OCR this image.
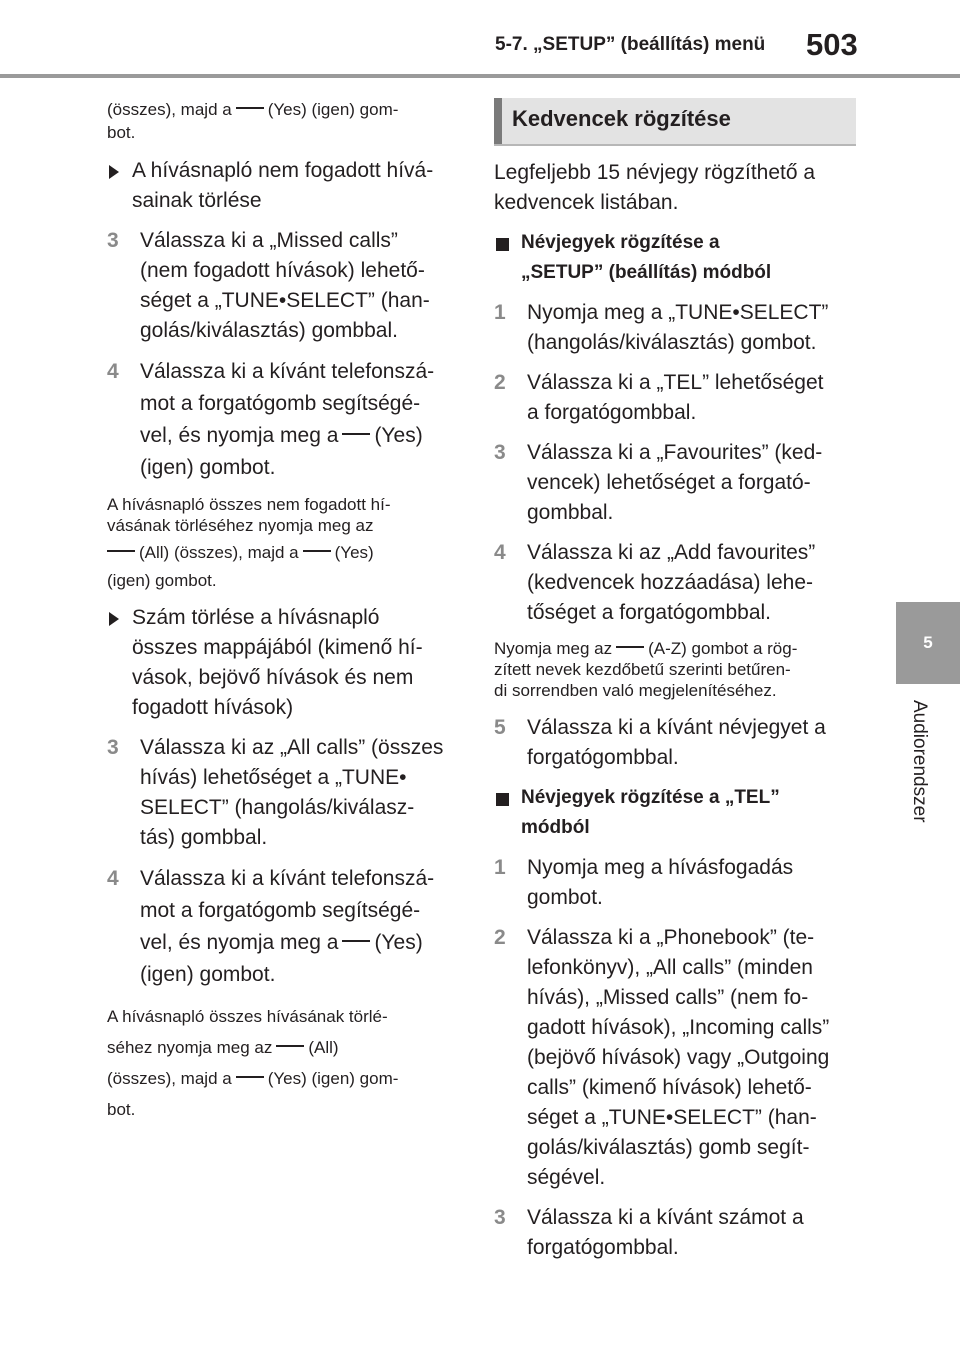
5-7. „SETUP” (beállítás) menü 503
5
Audiorendszer
(összes), majd a (Yes) (igen) gom-
bot.
A hívásnapló nem fogadott hívá-
sainak törlése
3 Válassza ki a „Missed calls”
(nem fogadott hívások) lehető-
séget a „TUNE•SELECT” (han-
golás/kiválasztás) gombbal.
4 Válassza ki a kívánt telefonszá-
mot a forgatógomb segítségé-
vel, és nyomja meg a (Yes)
(igen) gombot.
A hívásnapló összes nem fogadott hí-
vásának törléséhez nyomja meg az
(All) (összes), majd a (Yes)
(igen) gombot.
Szám törlése a hívásnapló
összes mappájából (kimenő hí-
vások, bejövő hívások és nem
fogadott hívások)
3 Válassza ki az „All calls” (összes
hívás) lehetőséget a „TUNE•
SELECT” (hangolás/kiválasz-
tás) gombbal.
4 Válassza ki a kívánt telefonszá-
mot a forgatógomb segítségé-
vel, és nyomja meg a (Yes)
(igen) gombot.
A hívásnapló összes hívásának törlé-
séhez nyomja meg az (All)
(összes), majd a (Yes) (igen) gom-
bot.
Kedvencek rögzítése
Legfeljebb 15 névjegy rögzíthető a
kedvencek listában.
Névjegyek rögzítése a
„SETUP” (beállítás) módból
1 Nyomja meg a „TUNE•SELECT”
(hangolás/kiválasztás) gombot.
2 Válassza ki a „TEL” lehetőséget
a forgatógombbal.
3 Válassza ki a „Favourites” (ked-
vencek) lehetőséget a forgató-
gombbal.
4 Válassza ki az „Add favourites”
(kedvencek hozzáadása) lehe-
tőséget a forgatógombbal.
Nyomja meg az (A-Z) gombot a rög-
zített nevek kezdőbetű szerinti betűren-
di sorrendben való megjelenítéséhez.
5 Válassza ki a kívánt névjegyet a
forgatógombbal.
Névjegyek rögzítése a „TEL”
módból
1 Nyomja meg a hívásfogadás
gombot.
2 Válassza ki a „Phonebook” (te-
lefonkönyv), „All calls” (minden
hívás), „Missed calls” (nem fo-
gadott hívások), „Incoming calls”
(bejövő hívások) vagy „Outgoing
calls” (kimenő hívások) lehető-
séget a „TUNE•SELECT” (han-
golás/kiválasztás) gomb segít-
ségével.
3 Válassza ki a kívánt számot a
forgatógombbal.
